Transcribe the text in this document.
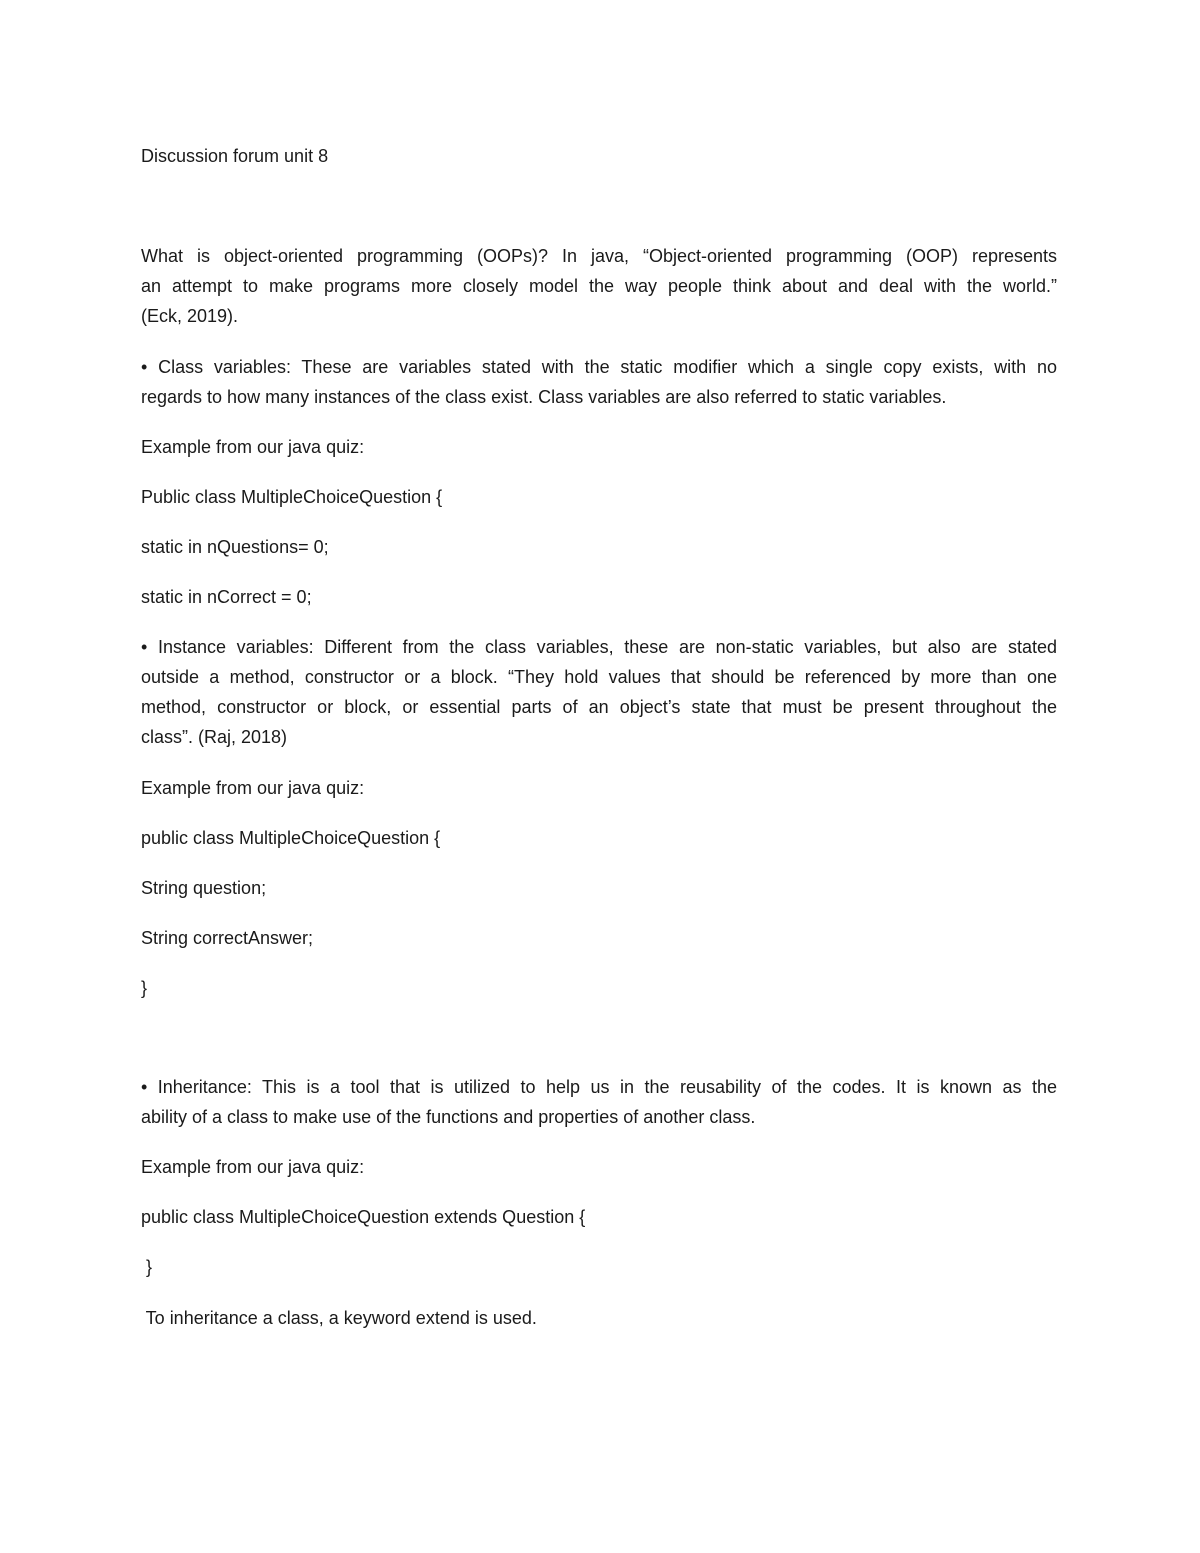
Discussion forum unit 8

What is object-oriented programming (OOPs)? In java, “Object-oriented programming (OOP) represents

an attempt to make programs more closely model the way people think about and deal with the world.”

(Eck, 2019).

• Class variables: These are variables stated with the static modifier which a single copy exists, with no

regards to how many instances of the class exist. Class variables are also referred to static variables.

Example from our java quiz:

Public class MultipleChoiceQuestion {

static in nQuestions= 0;

static in nCorrect = 0;

• Instance variables: Different from the class variables, these are non-static variables, but also are stated

outside a method, constructor or a block. “They hold values that should be referenced by more than one

method, constructor or block, or essential parts of an object’s state that must be present throughout the

class”. (Raj, 2018)

Example from our java quiz:

public class MultipleChoiceQuestion {

String question;

String correctAnswer;

}

• Inheritance: This is a tool that is utilized to help us in the reusability of the codes. It is known as the

ability of a class to make use of the functions and properties of another class.

Example from our java quiz:

public class MultipleChoiceQuestion extends Question {

}

To inheritance a class, a keyword extend is used.
